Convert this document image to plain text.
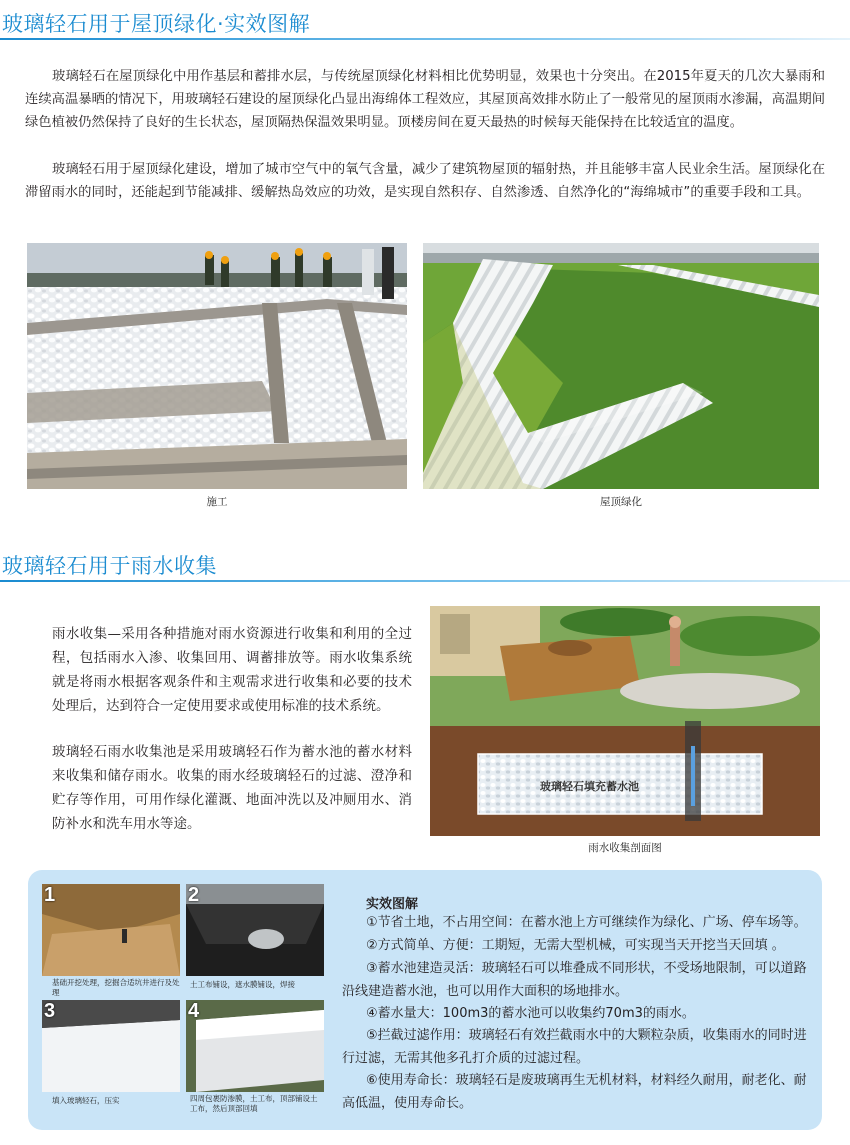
玻璃轻石用于屋顶绿化·实效图解

玻璃轻石在屋顶绿化中用作基层和蓄排水层，与传统屋顶绿化材料相比优势明显，效果也十分突出。在2015年夏天的几次大暴雨和连续高温暴晒的情况下，用玻璃轻石建设的屋顶绿化凸显出海绵体工程效应，其屋顶高效排水防止了一般常见的屋顶雨水渗漏，高温期间绿色植被仍然保持了良好的生长状态，屋顶隔热保温效果明显。顶楼房间在夏天最热的时候每天能保持在比较适宜的温度。

玻璃轻石用于屋顶绿化建设，增加了城市空气中的氧气含量，减少了建筑物屋顶的辐射热，并且能够丰富人民业余生活。屋顶绿化在滞留雨水的同时，还能起到节能减排、缓解热岛效应的功效，是实现自然积存、自然渗透、自然净化的“海绵城市”的重要手段和工具。

施工	屋顶绿化
玻璃轻石用于雨水收集

雨水收集—采用各种措施对雨水资源进行收集和利用的全过程，包括雨水入渗、收集回用、调蓄排放等。雨水收集系统就是将雨水根据客观条件和主观需求进行收集和必要的技术处理后，达到符合一定使用要求或使用标准的技术系统。

玻璃轻石雨水收集池是采用玻璃轻石作为蓄水池的蓄水材料来收集和储存雨水。收集的雨水经玻璃轻石的过滤、澄净和贮存等作用，可用作绿化灌溉、地面冲洗以及冲厕用水、消防补水和洗车用水等途。

玻璃轻石填充蓄水池
雨水收集剖面图
1
基础开挖处理，挖掘合适坑井进行及处理
2
土工布铺设，遮水膜铺设，焊接
3
填入玻璃轻石，压实
4
四周包裹防渗膜，土工布，顶部铺设土工布，然后顶部回填
实效图解

①节省土地，不占用空间：在蓄水池上方可继续作为绿化、广场、停车场等。

②方式简单、方便：工期短，无需大型机械，可实现当天开挖当天回填 。

③蓄水池建造灵活：玻璃轻石可以堆叠成不同形状，不受场地限制，可以道路沿线建造蓄水池，也可以用作大面积的场地排水。

④蓄水量大：100m3的蓄水池可以收集约70m3的雨水。

⑤拦截过滤作用：玻璃轻石有效拦截雨水中的大颗粒杂质，收集雨水的同时进行过滤，无需其他多孔打介质的过滤过程。

⑥使用寿命长：玻璃轻石是废玻璃再生无机材料，材料经久耐用，耐老化、耐高低温，使用寿命长。
